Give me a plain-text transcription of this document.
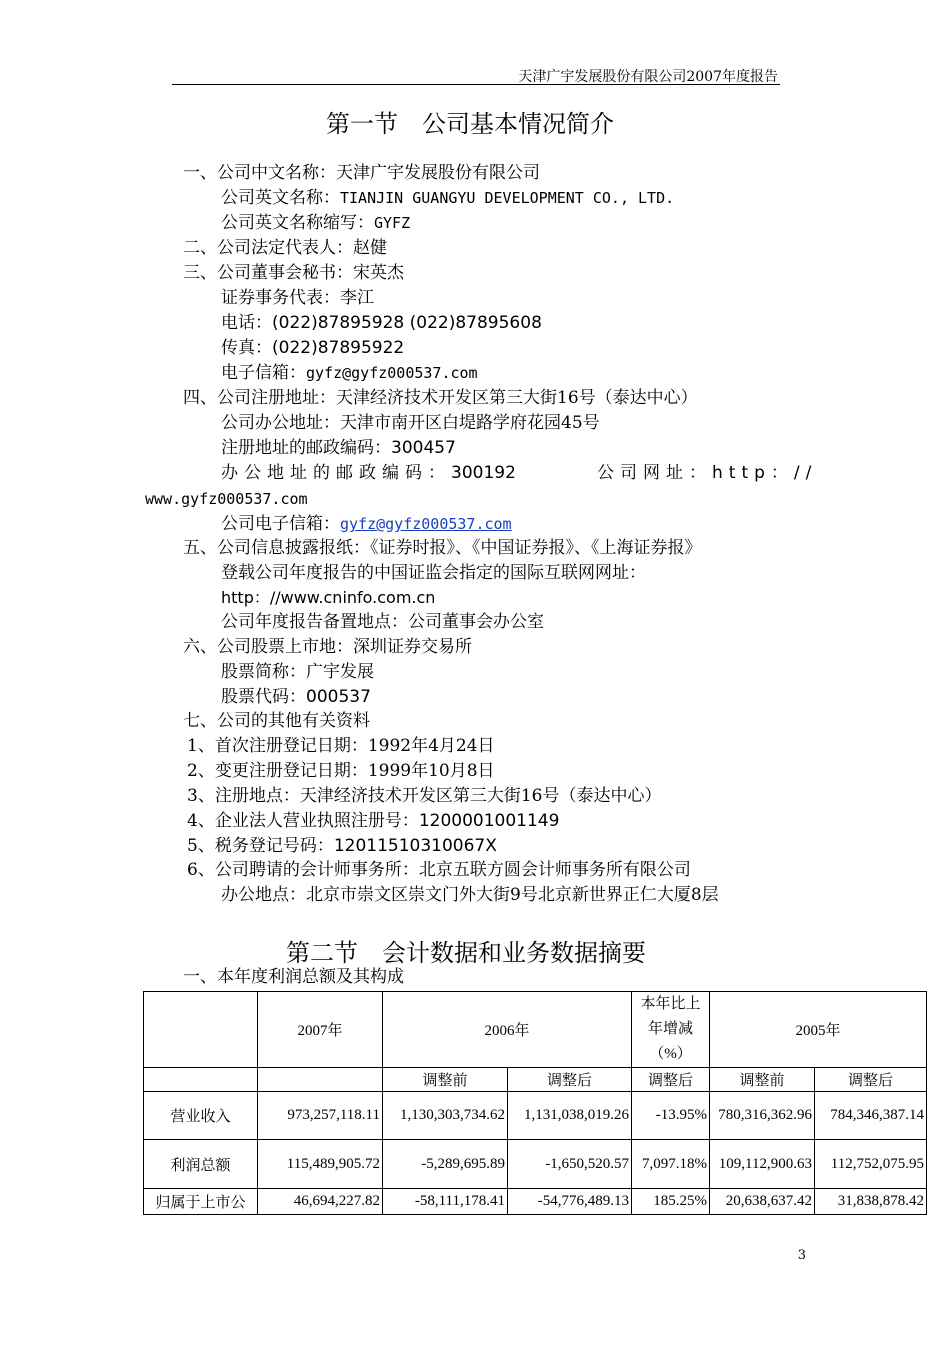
天津广宇发展股份有限公司2007年度报告
第一节　公司基本情况简介
一、公司中文名称：天津广宇发展股份有限公司
公司英文名称：TIANJIN GUANGYU DEVELOPMENT CO., LTD.
公司英文名称缩写：GYFZ
二、公司法定代表人：赵健
三、公司董事会秘书：宋英杰
证券事务代表：李江
电话：(022)87895928 (022)87895608
传真：(022)87895922
电子信箱：gyfz@gyfz000537.com
四、公司注册地址：天津经济技术开发区第三大街16号（泰达中心）
公司办公地址：天津市南开区白堤路学府花园45号
注册地址的邮政编码：300457
办公地址的邮政编码：300192	公司网址：http：//
www.gyfz000537.com
公司电子信箱：gyfz@gyfz000537.com
五、公司信息披露报纸：《证券时报》、《中国证券报》、《上海证券报》
登载公司年度报告的中国证监会指定的国际互联网网址：
http：//www.cninfo.com.cn
公司年度报告备置地点：公司董事会办公室
六、公司股票上市地：深圳证券交易所
股票简称：广宇发展
股票代码：000537
七、公司的其他有关资料
1、首次注册登记日期：1992年4月24日
2、变更注册登记日期：1999年10月8日
3、注册地点：天津经济技术开发区第三大街16号（泰达中心）
4、企业法人营业执照注册号：1200001001149
5、税务登记号码：12011510310067X
6、公司聘请的会计师事务所：北京五联方圆会计师事务所有限公司
办公地点：北京市崇文区崇文门外大街9号北京新世界正仁大厦8层
第二节　会计数据和业务数据摘要
一、本年度利润总额及其构成
	2007年	2006年		本年比上年增减（%）	2005年	
		调整前	调整后	调整后	调整前	调整后
营业收入	973,257,118.11	1,130,303,734.62	1,131,038,019.26	-13.95%	780,316,362.96	784,346,387.14
利润总额	115,489,905.72	-5,289,695.89	-1,650,520.57	7,097.18%	109,112,900.63	112,752,075.95
归属于上市公	46,694,227.82	-58,111,178.41	-54,776,489.13	185.25%	20,638,637.42	31,838,878.42
3
